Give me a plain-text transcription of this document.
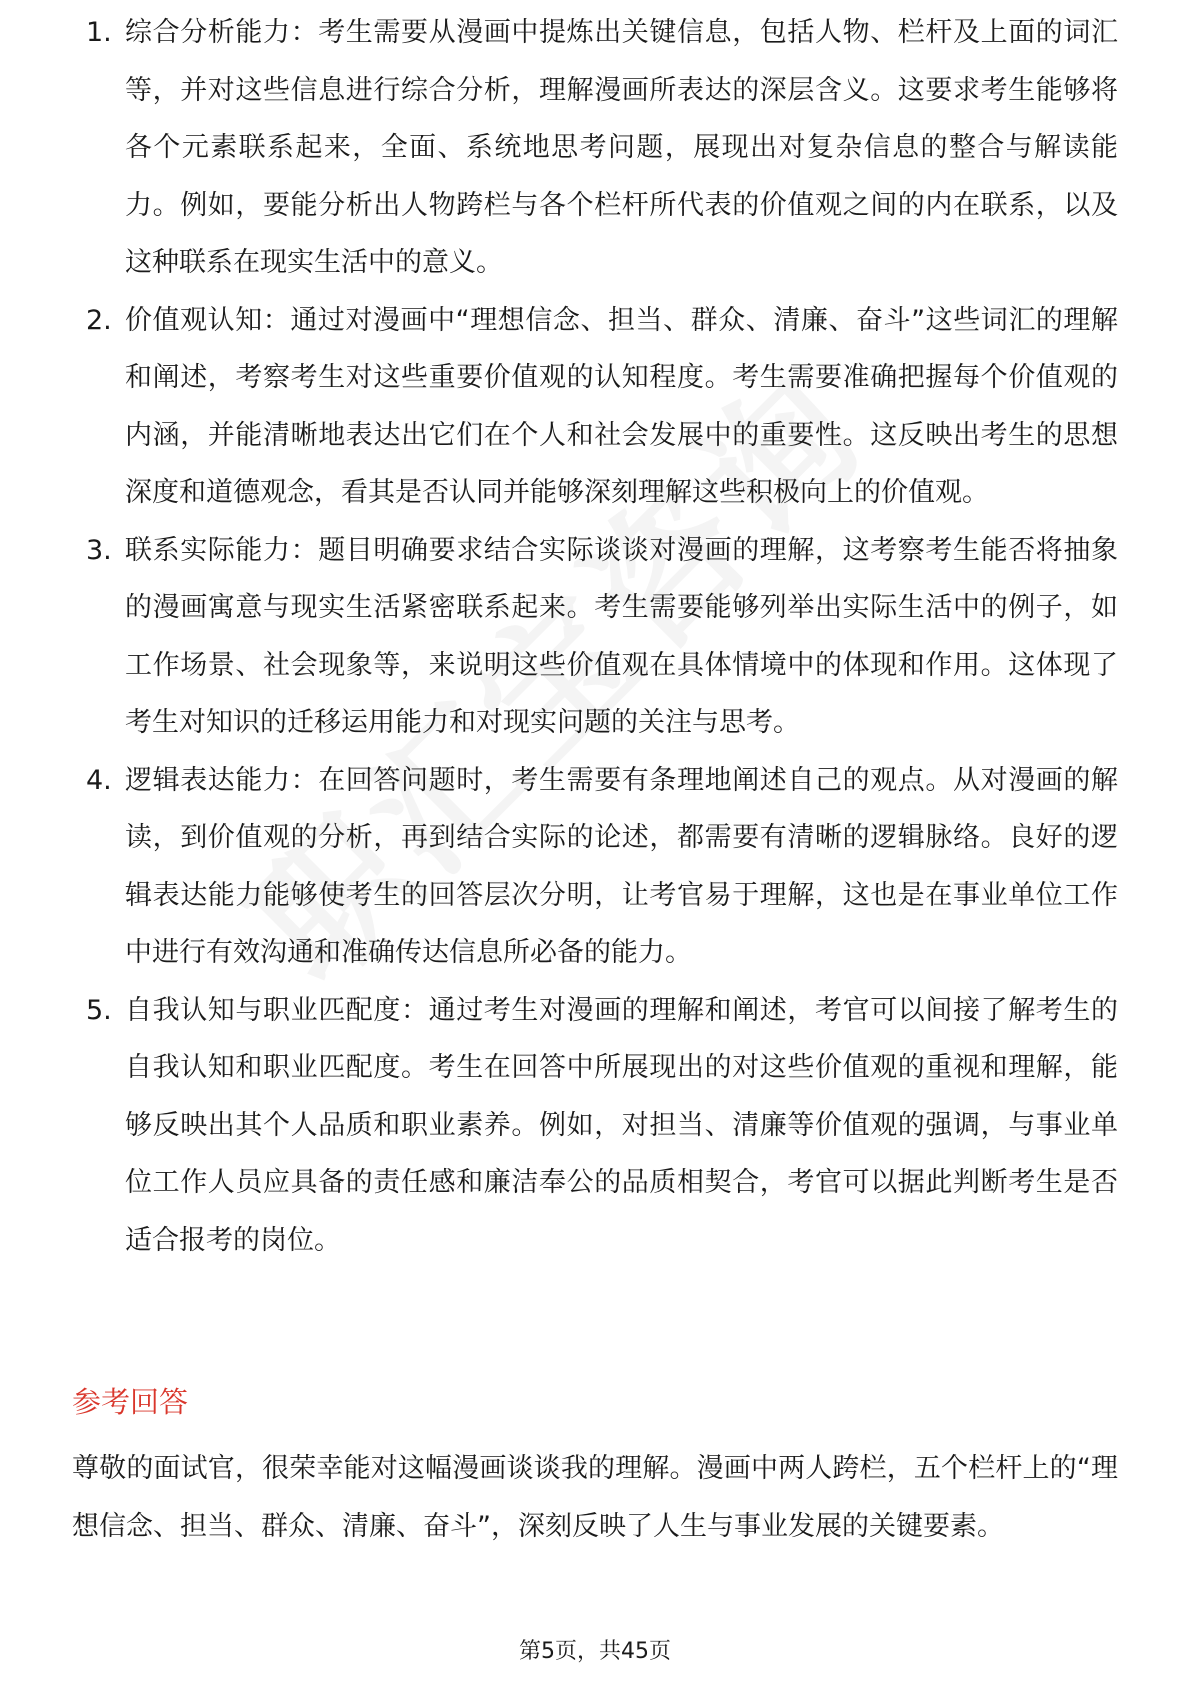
1. 综合分析能力：考生需要从漫画中提炼出关键信息，包括人物、栏杆及上面的词汇等，并对这些信息进行综合分析，理解漫画所表达的深层含义。这要求考生能够将各个元素联系起来，全面、系统地思考问题，展现出对复杂信息的整合与解读能力。例如，要能分析出人物跨栏与各个栏杆所代表的价值观之间的内在联系，以及这种联系在现实生活中的意义。
2. 价值观认知：通过对漫画中“理想信念、担当、群众、清廉、奋斗”这些词汇的理解和阐述，考察考生对这些重要价值观的认知程度。考生需要准确把握每个价值观的内涵，并能清晰地表达出它们在个人和社会发展中的重要性。这反映出考生的思想深度和道德观念，看其是否认同并能够深刻理解这些积极向上的价值观。
3. 联系实际能力：题目明确要求结合实际谈谈对漫画的理解，这考察考生能否将抽象的漫画寓意与现实生活紧密联系起来。考生需要能够列举出实际生活中的例子，如工作场景、社会现象等，来说明这些价值观在具体情境中的体现和作用。这体现了考生对知识的迁移运用能力和对现实问题的关注与思考。
4. 逻辑表达能力：在回答问题时，考生需要有条理地阐述自己的观点。从对漫画的解读，到价值观的分析，再到结合实际的论述，都需要有清晰的逻辑脉络。良好的逻辑表达能力能够使考生的回答层次分明，让考官易于理解，这也是在事业单位工作中进行有效沟通和准确传达信息所必备的能力。
5. 自我认知与职业匹配度：通过考生对漫画的理解和阐述，考官可以间接了解考生的自我认知和职业匹配度。考生在回答中所展现出的对这些价值观的重视和理解，能够反映出其个人品质和职业素养。例如，对担当、清廉等价值观的强调，与事业单位工作人员应具备的责任感和廉洁奉公的品质相契合，考官可以据此判断考生是否适合报考的岗位。
参考回答

尊敬的面试官，很荣幸能对这幅漫画谈谈我的理解。漫画中两人跨栏，五个栏杆上的“理想信念、担当、群众、清廉、奋斗”，深刻反映了人生与事业发展的关键要素。

第5页，共45页
